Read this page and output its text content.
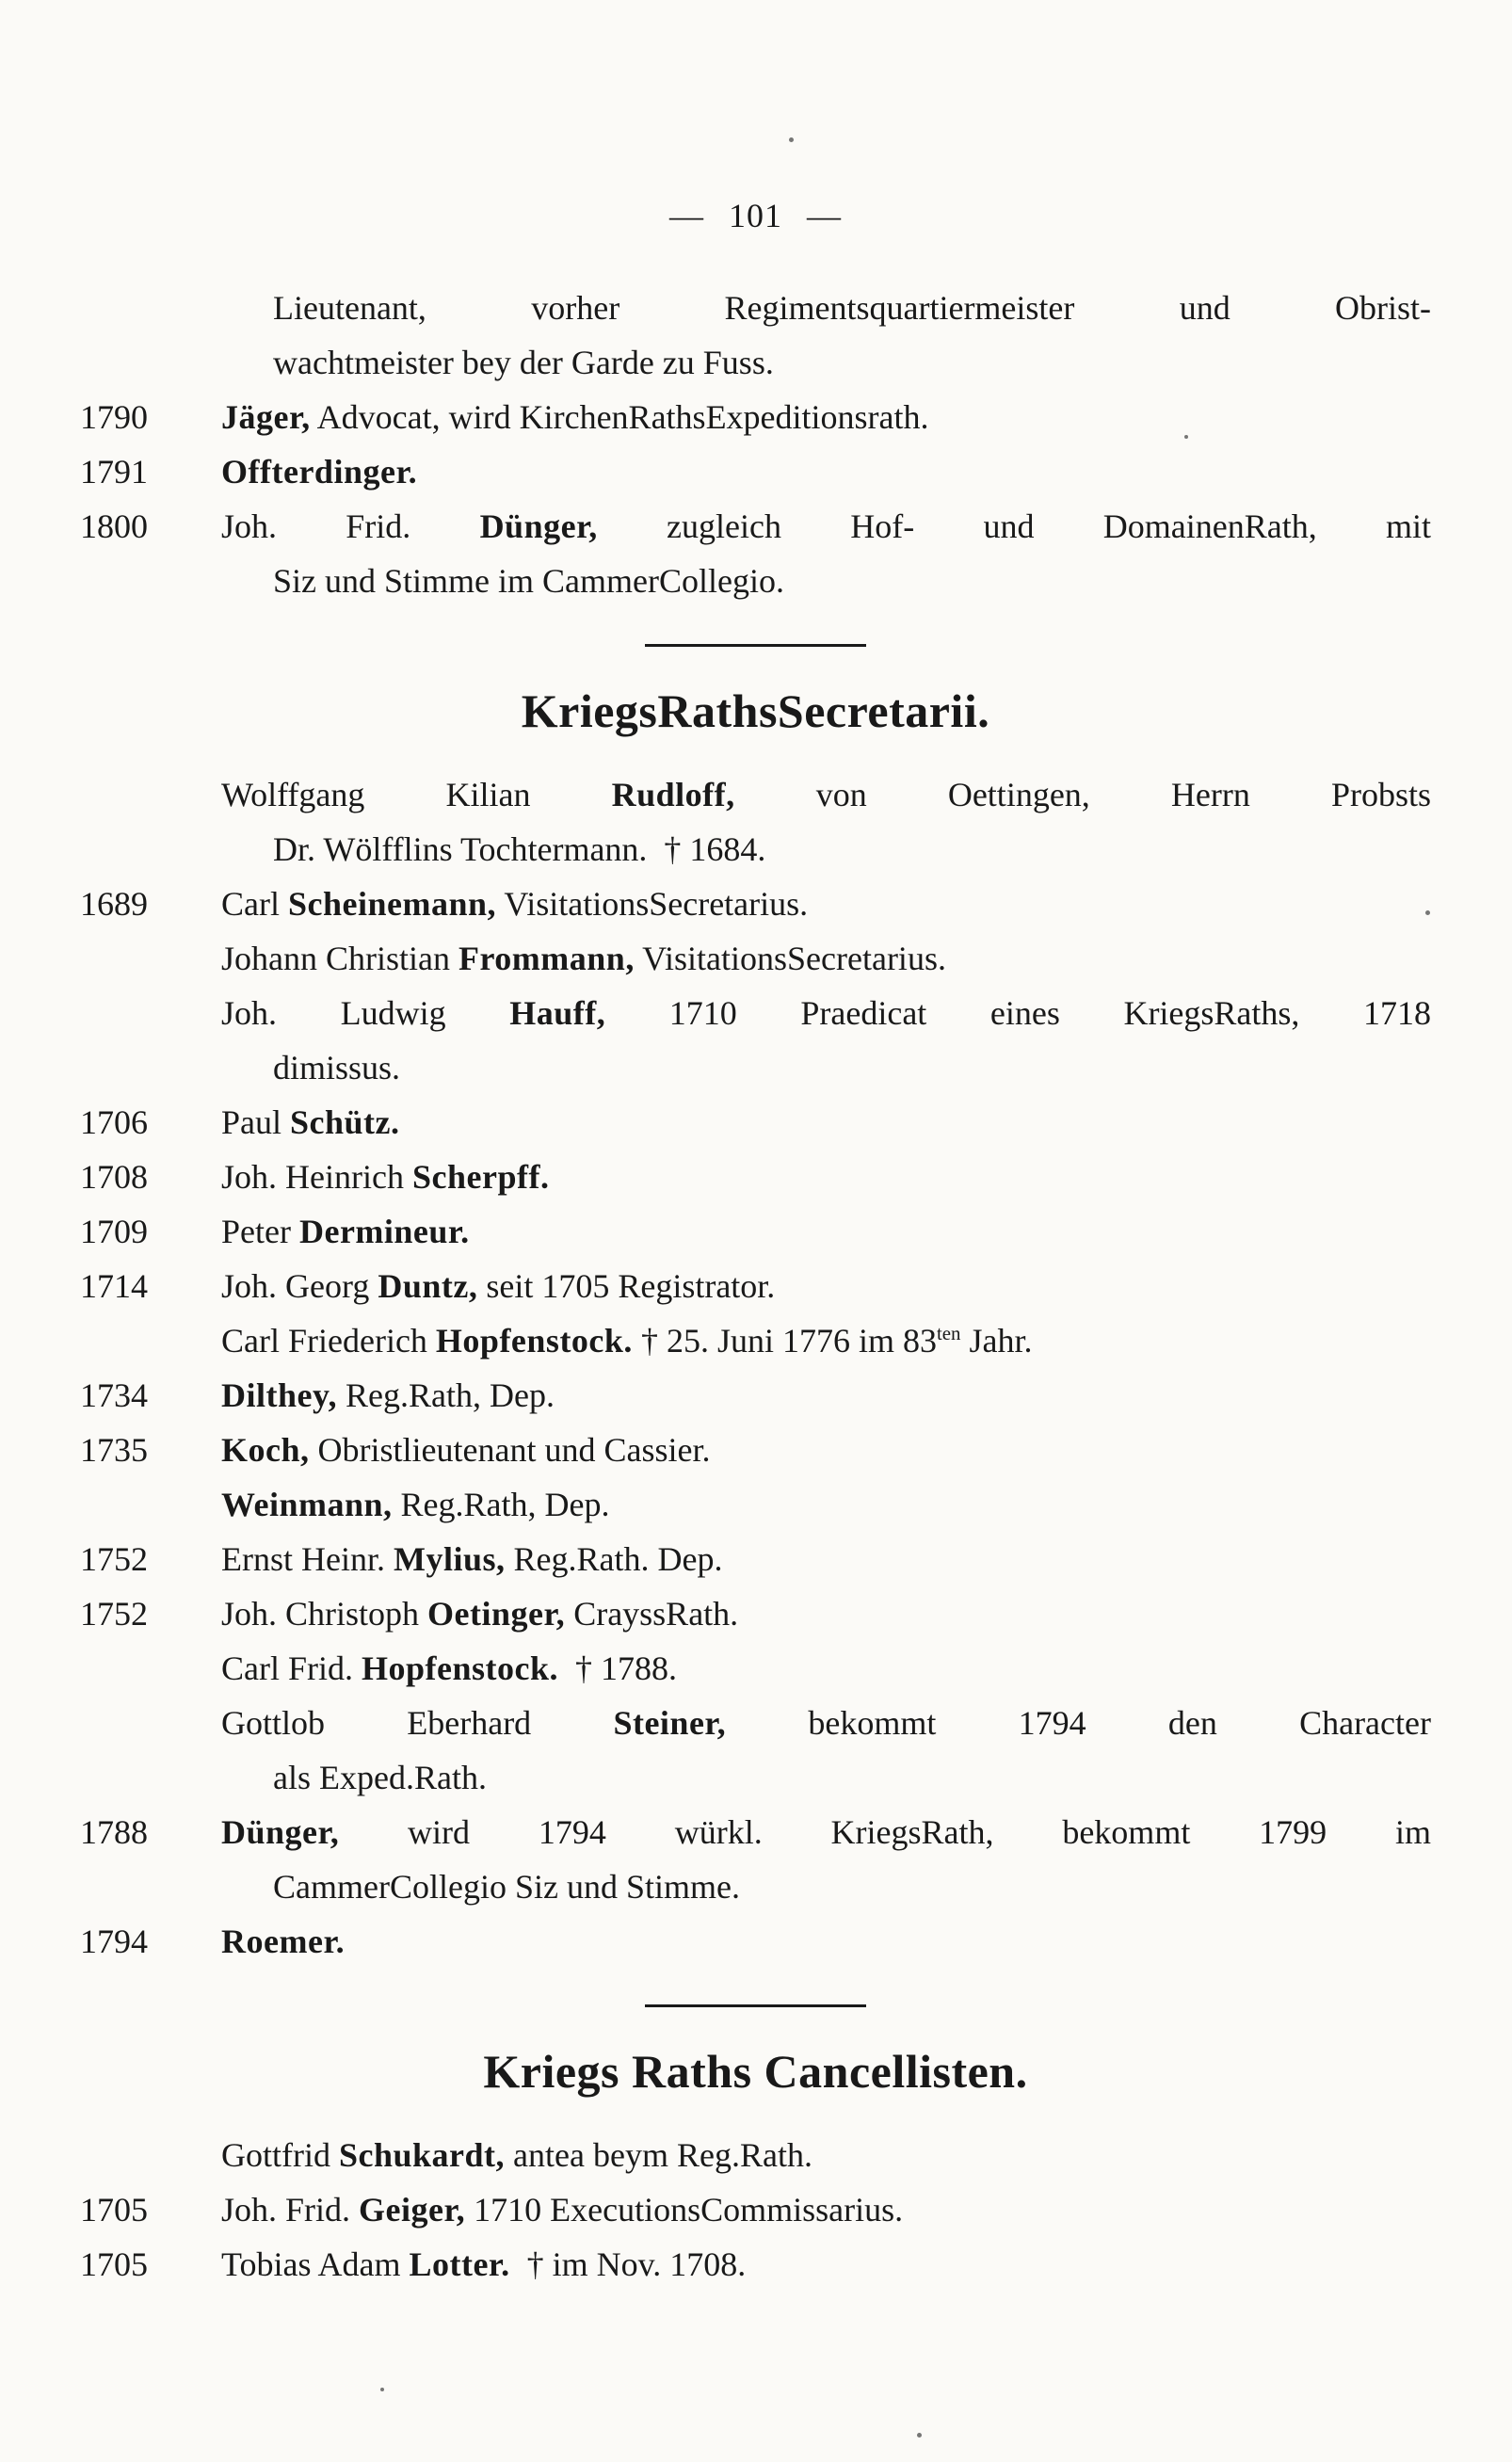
— 101 —
Lieutenant, vorher Regimentsquartiermeister und Obrist-
wachtmeister bey der Garde zu Fuss.
1790	Jäger, Advocat, wird KirchenRathsExpeditionsrath.
1791	Offterdinger.
1800	Joh. Frid. Dünger, zugleich Hof- und DomainenRath, mit
Siz und Stimme im CammerCollegio.
KriegsRathsSecretarii.
Wolffgang Kilian Rudloff, von Oettingen, Herrn Probsts
Dr. Wölfflins Tochtermann.  † 1684.
1689	Carl Scheinemann, VisitationsSecretarius.
Johann Christian Frommann, VisitationsSecretarius.
Joh. Ludwig Hauff, 1710 Praedicat eines KriegsRaths, 1718
dimissus.
1706	Paul Schütz.
1708	Joh. Heinrich Scherpff.
1709	Peter Dermineur.
1714	Joh. Georg Duntz, seit 1705 Registrator.
Carl Friederich Hopfenstock. † 25. Juni 1776 im $83^{ten}$ Jahr.
1734	Dilthey, Reg.Rath, Dep.
1735	Koch, Obristlieutenant und Cassier.
Weinmann, Reg.Rath, Dep.
1752	Ernst Heinr. Mylius, Reg.Rath. Dep.
1752	Joh. Christoph Oetinger, CrayssRath.
Carl Frid. Hopfenstock.  † 1788.
Gottlob Eberhard Steiner, bekommt 1794 den Character
als Exped.Rath.
1788	Dünger, wird 1794 würkl. KriegsRath, bekommt 1799 im
CammerCollegio Siz und Stimme.
1794	Roemer.
Kriegs Raths Cancellisten.
Gottfrid Schukardt, antea beym Reg.Rath.
1705	Joh. Frid. Geiger, 1710 ExecutionsCommissarius.
1705	Tobias Adam Lotter.  † im Nov. 1708.
